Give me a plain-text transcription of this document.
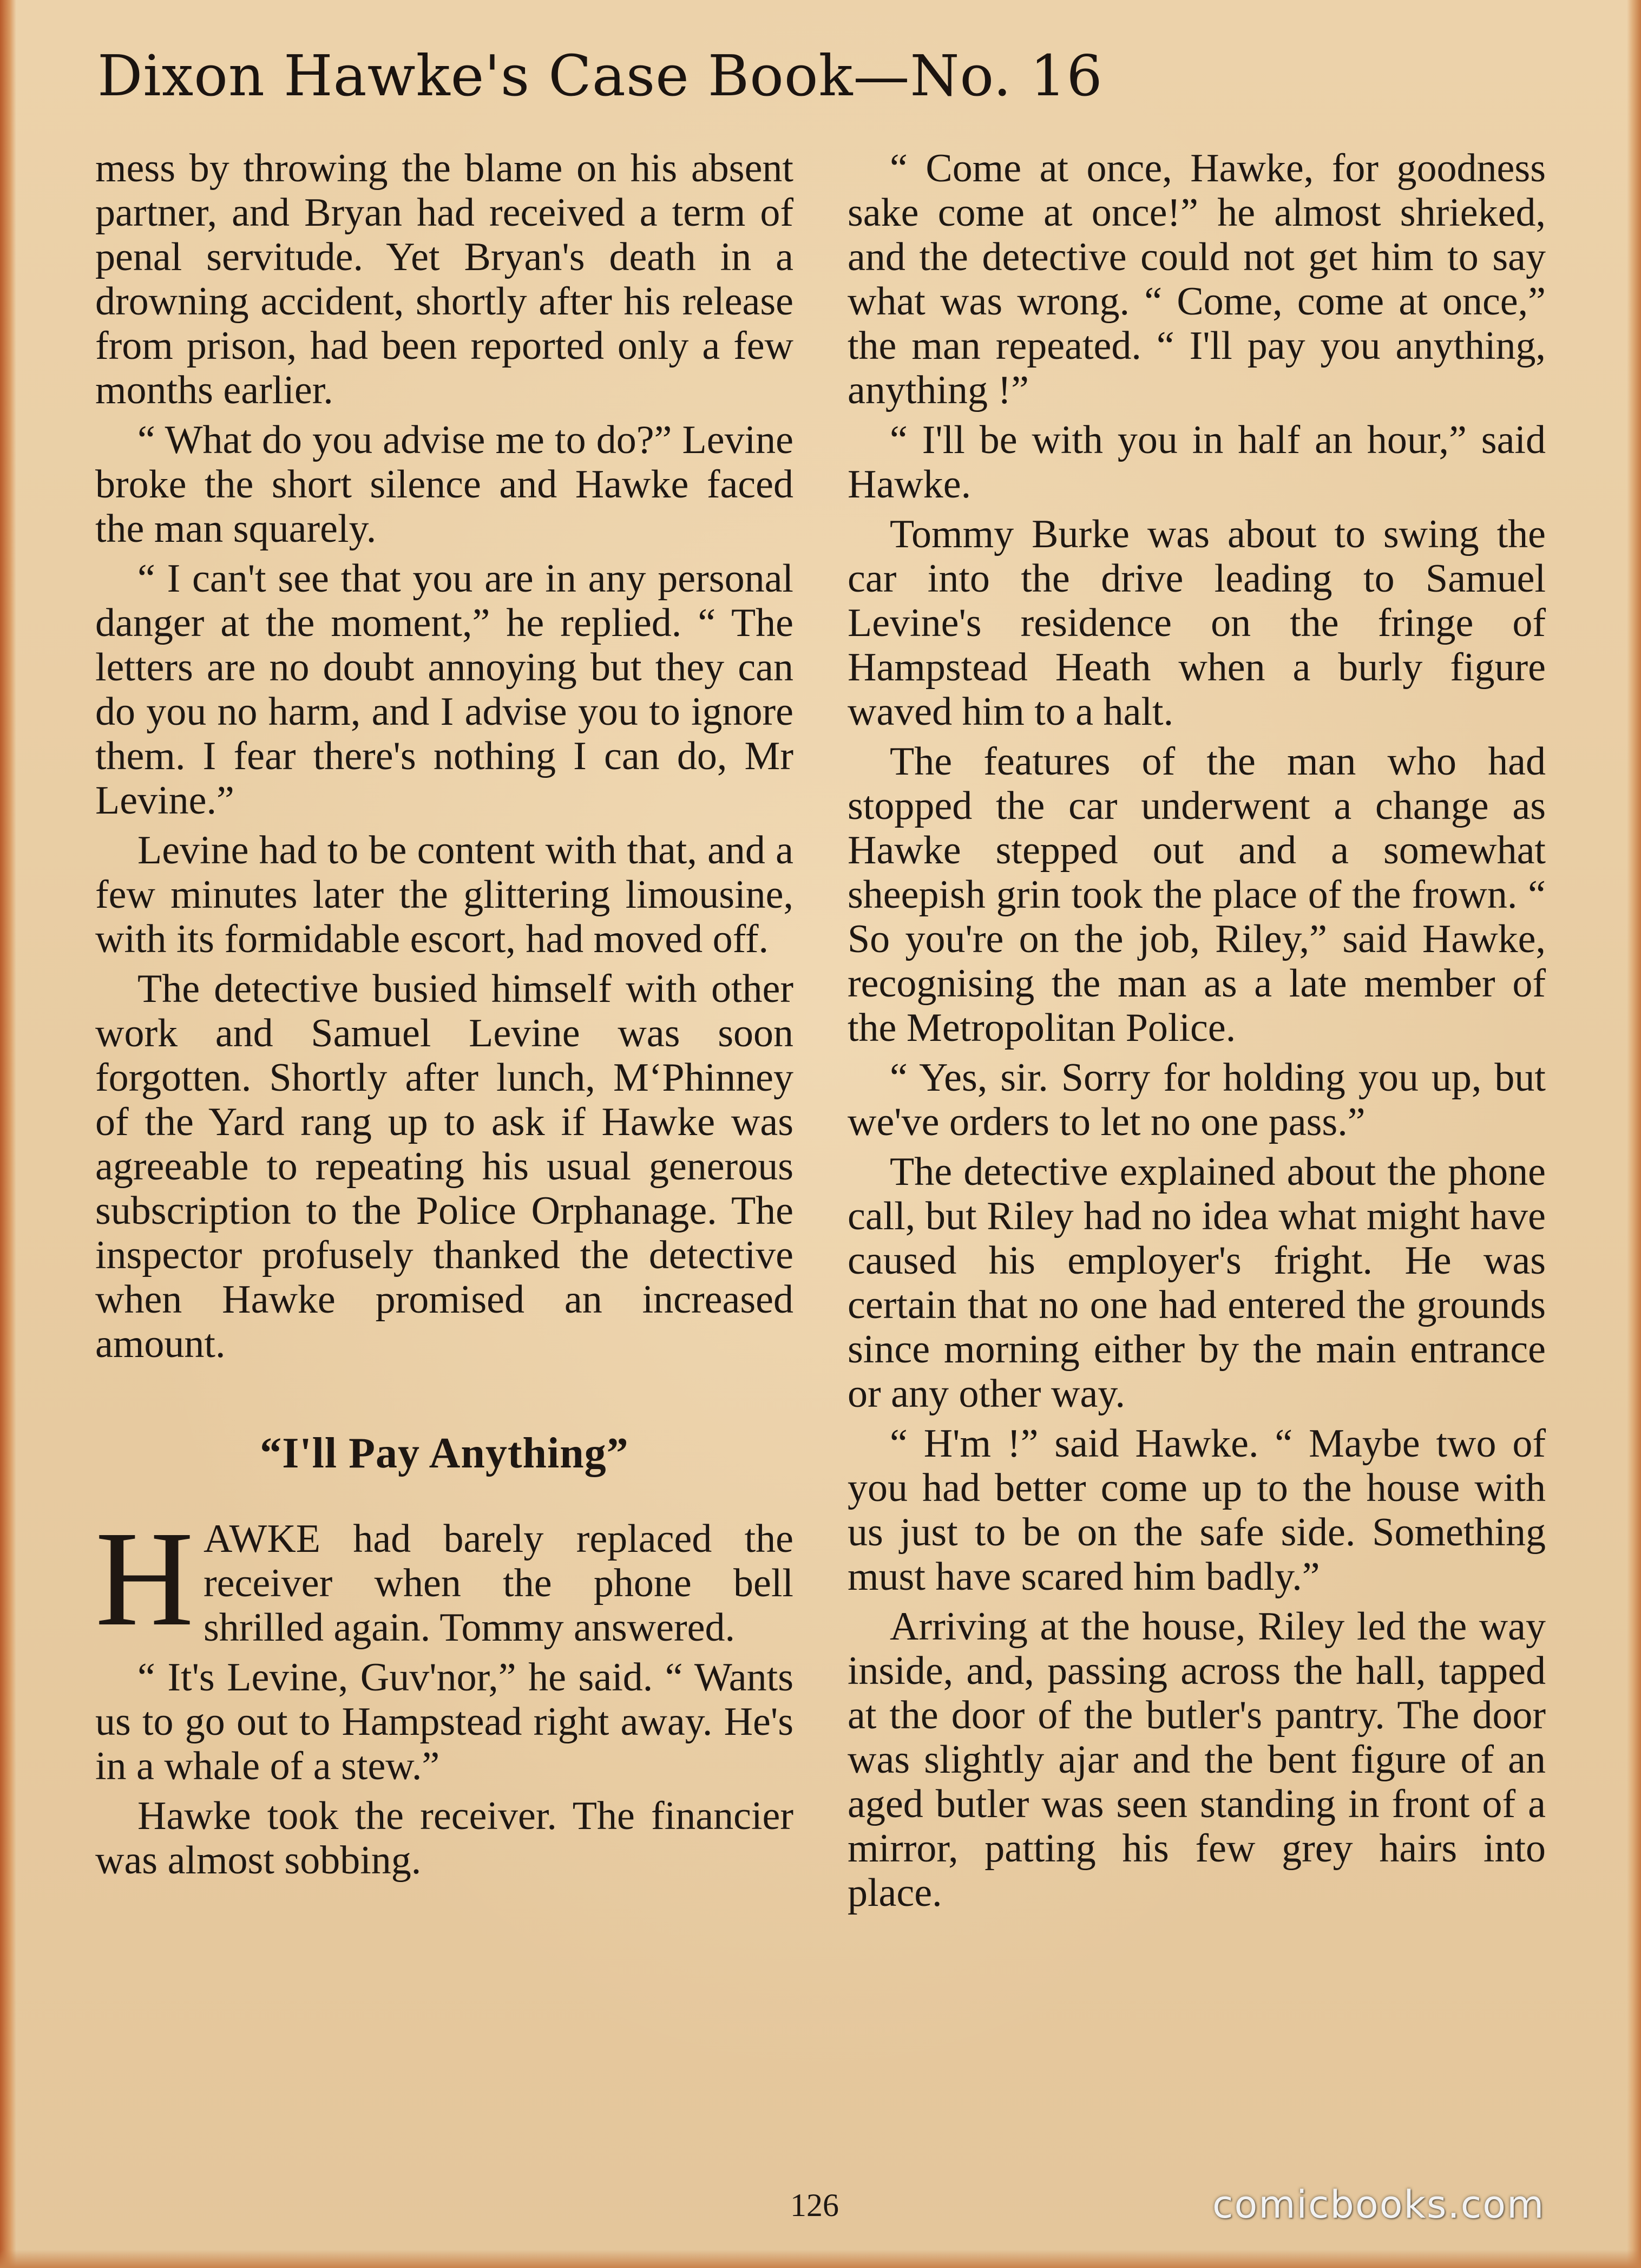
Dixon Hawke's Case Book—No. 16

mess by throwing the blame on his absent partner, and Bryan had received a term of penal servitude. Yet Bryan's death in a drowning accident, shortly after his release from prison, had been reported only a few months earlier.

“ What do you advise me to do?” Levine broke the short silence and Hawke faced the man squarely.

“ I can't see that you are in any personal danger at the moment,” he replied. “ The letters are no doubt annoying but they can do you no harm, and I advise you to ignore them. I fear there's nothing I can do, Mr Levine.”

Levine had to be content with that, and a few minutes later the glittering limousine, with its formidable escort, had moved off.

The detective busied himself with other work and Samuel Levine was soon forgotten. Shortly after lunch, MʻPhinney of the Yard rang up to ask if Hawke was agreeable to repeating his usual generous subscription to the Police Orphanage. The inspector profusely thanked the detective when Hawke promised an increased amount.

“I'll Pay Anything”

HAWKE had barely replaced the receiver when the phone bell shrilled again. Tommy answered.

“ It's Levine, Guv'nor,” he said. “ Wants us to go out to Hampstead right away. He's in a whale of a stew.”

Hawke took the receiver. The financier was almost sobbing.

“ Come at once, Hawke, for goodness sake come at once!” he almost shrieked, and the detective could not get him to say what was wrong. “ Come, come at once,” the man repeated. “ I'll pay you anything, anything !”

“ I'll be with you in half an hour,” said Hawke.

Tommy Burke was about to swing the car into the drive leading to Samuel Levine's residence on the fringe of Hampstead Heath when a burly figure waved him to a halt.

The features of the man who had stopped the car underwent a change as Hawke stepped out and a somewhat sheepish grin took the place of the frown. “ So you're on the job, Riley,” said Hawke, recognising the man as a late member of the Metropolitan Police.

“ Yes, sir. Sorry for holding you up, but we've orders to let no one pass.”

The detective explained about the phone call, but Riley had no idea what might have caused his employer's fright. He was certain that no one had entered the grounds since morning either by the main entrance or any other way.

“ H'm !” said Hawke. “ Maybe two of you had better come up to the house with us just to be on the safe side. Something must have scared him badly.”

Arriving at the house, Riley led the way inside, and, passing across the hall, tapped at the door of the butler's pantry. The door was slightly ajar and the bent figure of an aged butler was seen standing in front of a mirror, patting his few grey hairs into place.

126	comicbooks.com
